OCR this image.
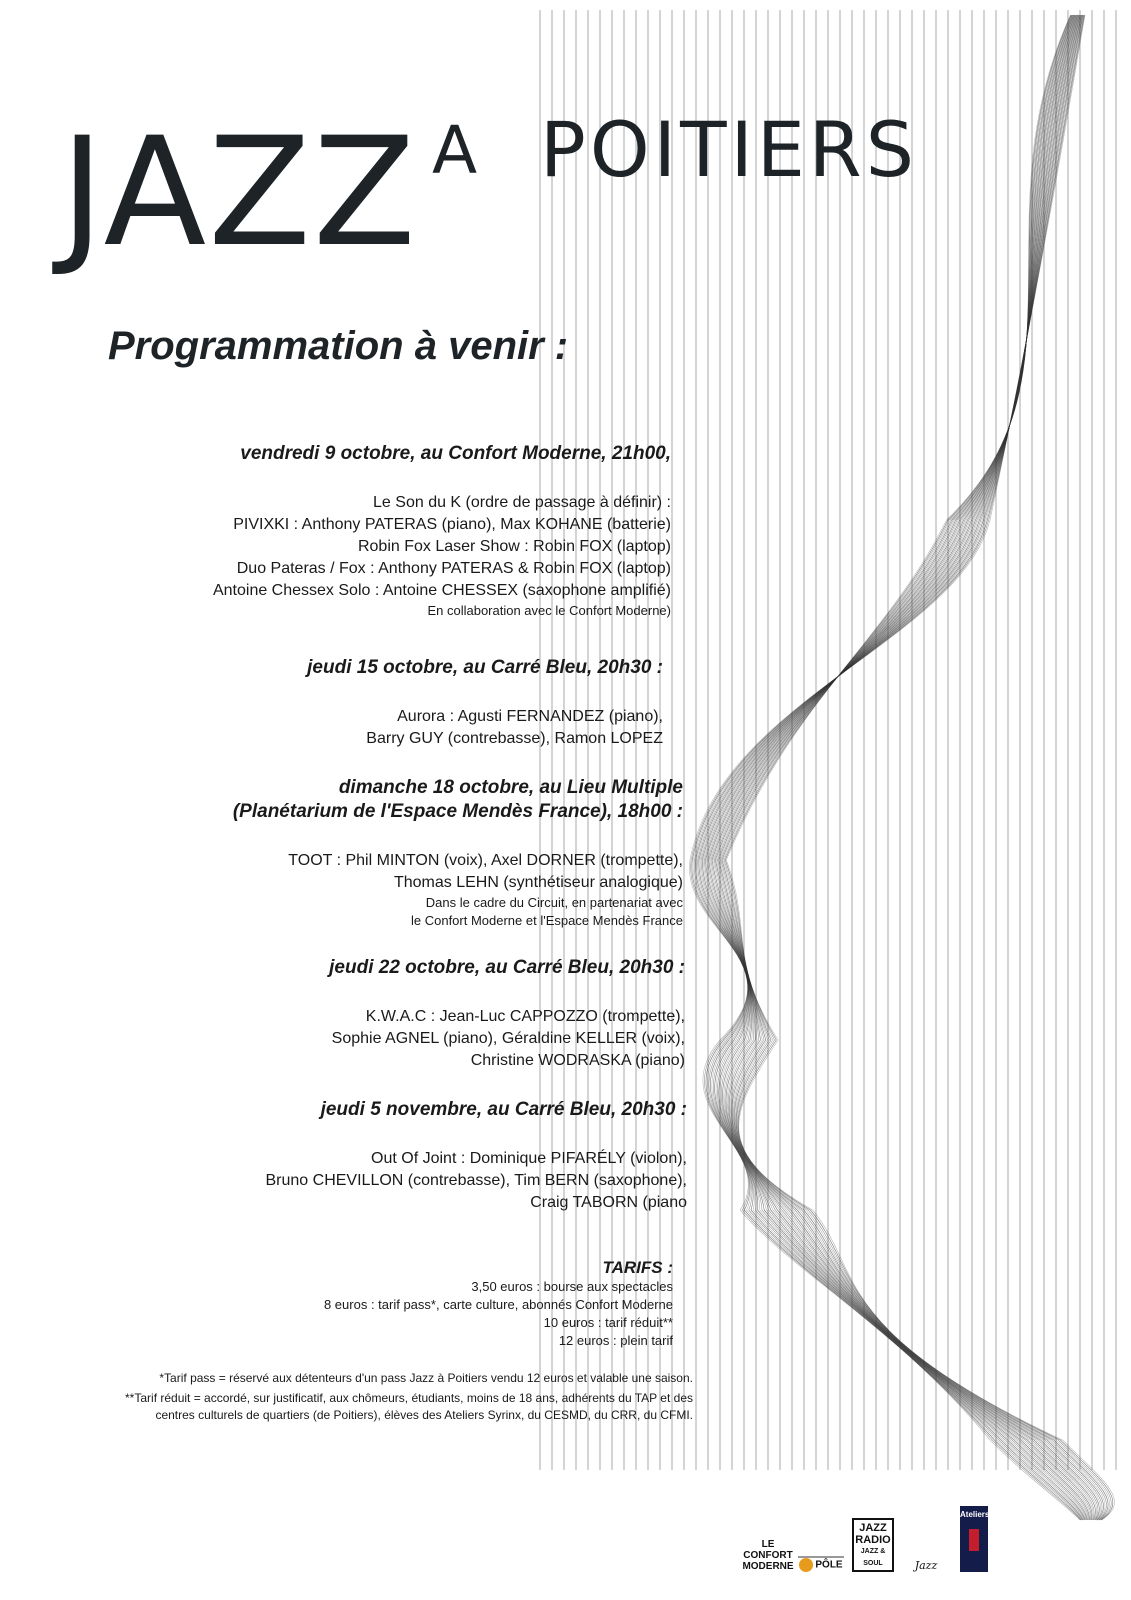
JAZZ A POITIERS
Programmation à venir :

vendredi 9 octobre, au Confort Moderne, 21h00,

Le Son du K (ordre de passage à définir) :

PIVIXKI : Anthony PATERAS (piano), Max KOHANE (batterie)

Robin Fox Laser Show : Robin FOX (laptop)

Duo Pateras / Fox : Anthony PATERAS & Robin FOX (laptop)

Antoine Chessex Solo : Antoine CHESSEX (saxophone amplifié)

En collaboration avec le Confort Moderne)

jeudi 15 octobre, au Carré Bleu, 20h30 :

Aurora : Agusti FERNANDEZ (piano),

Barry GUY (contrebasse), Ramon LOPEZ

dimanche 18 octobre, au Lieu Multiple

(Planétarium de l'Espace Mendès France), 18h00 :

TOOT : Phil MINTON (voix), Axel DORNER (trompette),

Thomas LEHN (synthétiseur analogique)

Dans le cadre du Circuit, en partenariat avec

le Confort Moderne et l'Espace Mendès France

jeudi 22 octobre, au Carré Bleu, 20h30 :

K.W.A.C : Jean-Luc CAPPOZZO (trompette),

Sophie AGNEL (piano), Géraldine KELLER (voix),

Christine WODRASKA (piano)

jeudi 5 novembre, au Carré Bleu, 20h30 :

Out Of Joint : Dominique PIFARÉLY (violon),

Bruno CHEVILLON (contrebasse), Tim BERN (saxophone),

Craig TABORN (piano

TARIFS :

3,50 euros : bourse aux spectacles

8 euros : tarif pass*, carte culture, abonnés Confort Moderne

10 euros : tarif réduit**

12 euros : plein tarif

*Tarif pass = réservé aux détenteurs d'un pass Jazz à Poitiers vendu 12 euros et valable une saison.

**Tarif réduit = accordé, sur justificatif, aux chômeurs, étudiants, moins de 18 ans, adhérents du TAP et des centres culturels de quartiers (de Poitiers), élèves des Ateliers Syrinx, du CESMD, du CRR, du CFMI.

LE CONFORT
MODERNE	PÔLE
JAZZ
RADIO
JAZZ & SOUL	Jazz
Ateliers
